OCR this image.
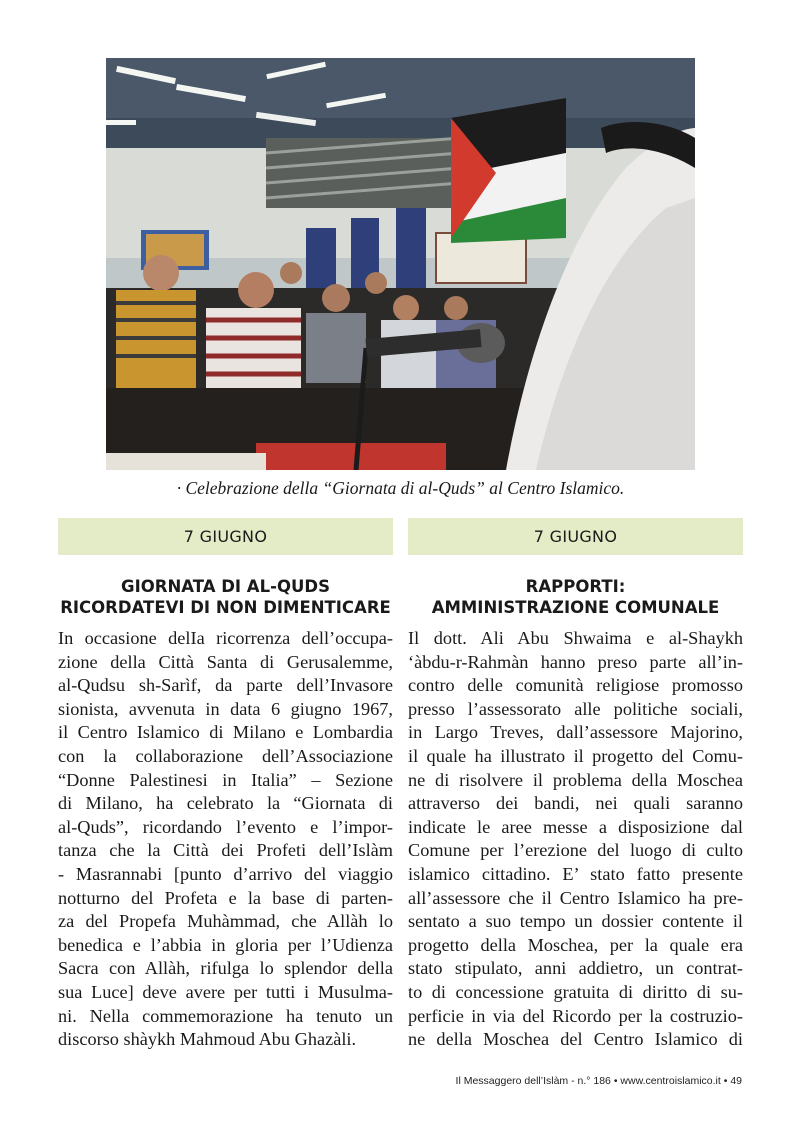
· Celebrazione della “Giornata di al-Quds” al Centro Islamico.
7 GIUGNO	7 GIUGNO
GIORNATA DI AL-QUDS
RICORDATEVI DI NON DIMENTICARE
RAPPORTI:
AMMINISTRAZIONE COMUNALE
In occasione delIa ricorrenza dell’occupa-
zione della Città Santa di Gerusalemme,
al-Qudsu sh-Sarìf, da parte dell’Invasore
sionista, avvenuta in data 6 giugno 1967,
il Centro Islamico di Milano e Lombardia
con la collaborazione dell’Associazione
“Donne Palestinesi in Italia” – Sezione
di Milano, ha celebrato la “Giornata di
al-Quds”, ricordando l’evento e l’impor-
tanza che la Città dei Profeti dell’Islàm
- Masrannabi [punto d’arrivo del viaggio
notturno del Profeta e la base di parten-
za del Propefa Muhàmmad, che Allàh lo
benedica e l’abbia in gloria per l’Udienza
Sacra con Allàh, rifulga lo splendor della
sua Luce] deve avere per tutti i Musulma-
ni. Nella commemorazione ha tenuto un
discorso shàykh Mahmoud Abu Ghazàli.
Il dott. Ali Abu Shwaima e al-Shaykh
‘àbdu-r-Rahmàn hanno preso parte all’in-
contro delle comunità religiose promosso
presso l’assessorato alle politiche sociali,
in Largo Treves, dall’assessore Majorino,
il quale ha illustrato il progetto del Comu-
ne di risolvere il problema della Moschea
attraverso dei bandi, nei quali saranno
indicate le aree messe a disposizione dal
Comune per l’erezione del luogo di culto
islamico cittadino. E’ stato fatto presente
all’assessore che il Centro Islamico ha pre-
sentato a suo tempo un dossier contente il
progetto della Moschea, per la quale era
stato stipulato, anni addietro, un contrat-
to di concessione gratuita di diritto di su-
perficie in via del Ricordo per la costruzio-
ne della Moschea del Centro Islamico di
Il Messaggero dell’Islàm - n.° 186 • www.centroislamico.it • 49
